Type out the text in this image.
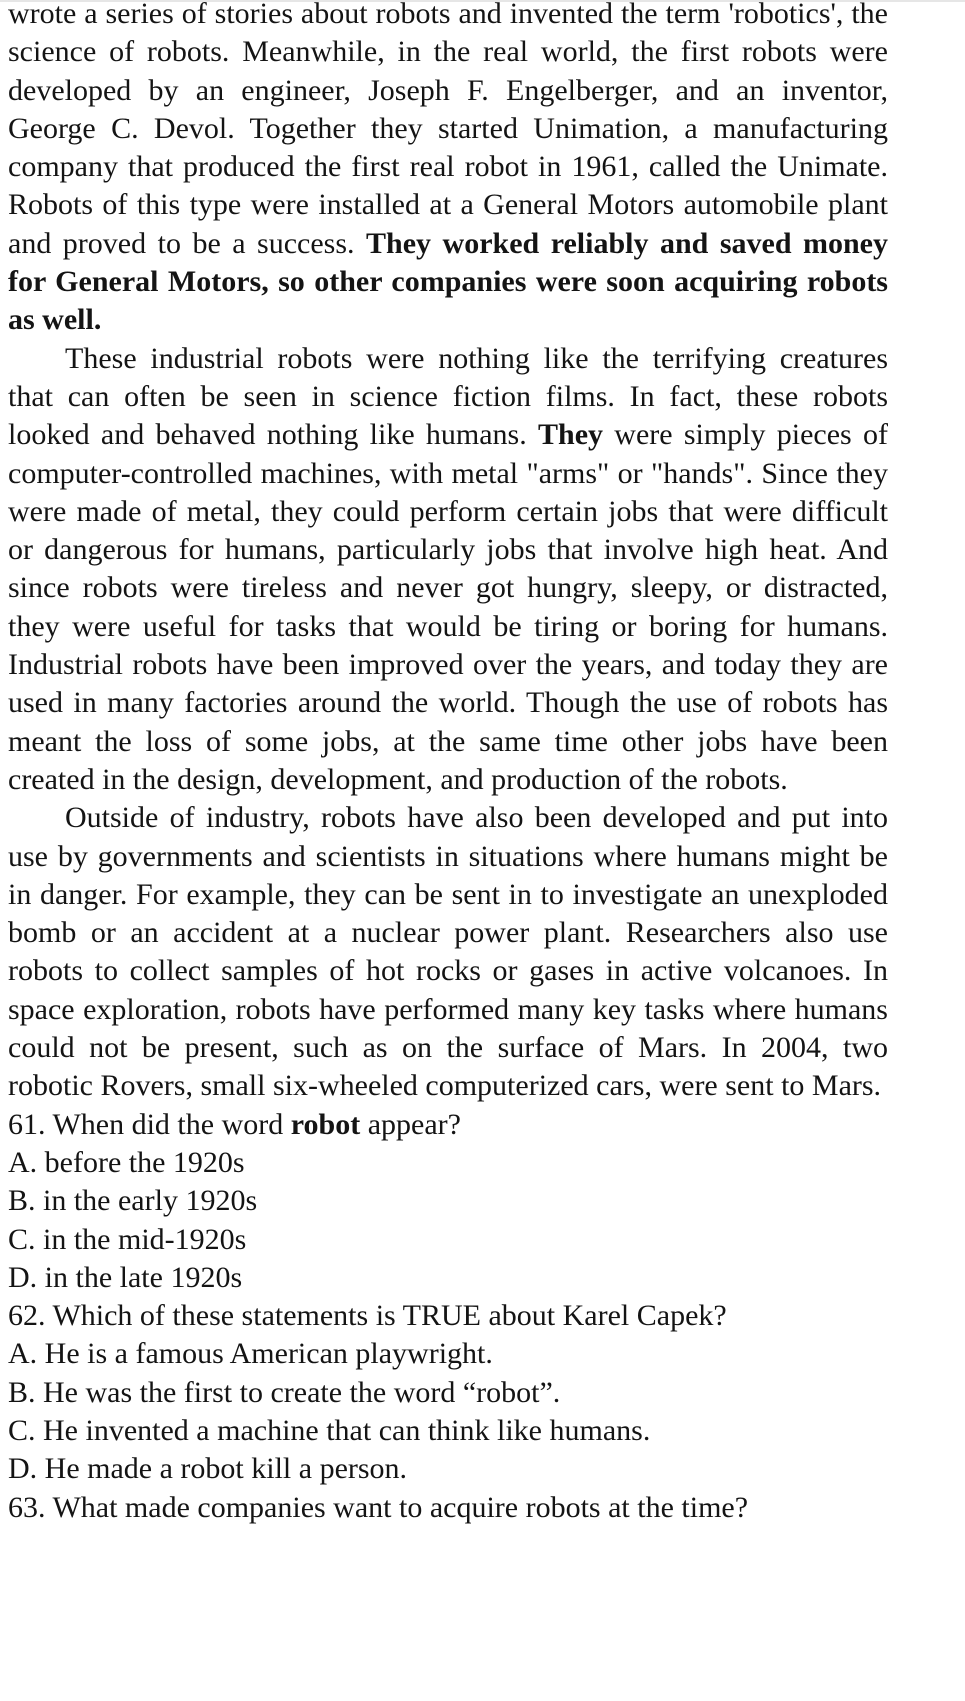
wrote a series of stories about robots and invented the term 'robotics', the science of robots. Meanwhile, in the real world, the first robots were developed by an engineer, Joseph F. Engelberger, and an inventor, George C. Devol. Together they started Unimation, a manufacturing company that produced the first real robot in 1961, called the Unimate. Robots of this type were installed at a General Motors automobile plant and proved to be a success. They worked reliably and saved money for General Motors, so other companies were soon acquiring robots as well.

These industrial robots were nothing like the terrifying creatures that can often be seen in science fiction films. In fact, these robots looked and behaved nothing like humans. They were simply pieces of computer-controlled machines, with metal "arms" or "hands". Since they were made of metal, they could perform certain jobs that were difficult or dangerous for humans, particularly jobs that involve high heat. And since robots were tireless and never got hungry, sleepy, or distracted, they were useful for tasks that would be tiring or boring for humans. Industrial robots have been improved over the years, and today they are used in many factories around the world. Though the use of robots has meant the loss of some jobs, at the same time other jobs have been created in the design, development, and production of the robots.

Outside of industry, robots have also been developed and put into use by governments and scientists in situations where humans might be in danger. For example, they can be sent in to investigate an unexploded bomb or an accident at a nuclear power plant. Researchers also use robots to collect samples of hot rocks or gases in active volcanoes. In space exploration, robots have performed many key tasks where humans could not be present, such as on the surface of Mars. In 2004, two robotic Rovers, small six-wheeled computerized cars, were sent to Mars.

61. When did the word robot appear?

A. before the 1920s

B. in the early 1920s

C. in the mid-1920s

D. in the late 1920s

62. Which of these statements is TRUE about Karel Capek?

A. He is a famous American playwright.

B. He was the first to create the word “robot”.

C. He invented a machine that can think like humans.

D. He made a robot kill a person.

63. What made companies want to acquire robots at the time?
